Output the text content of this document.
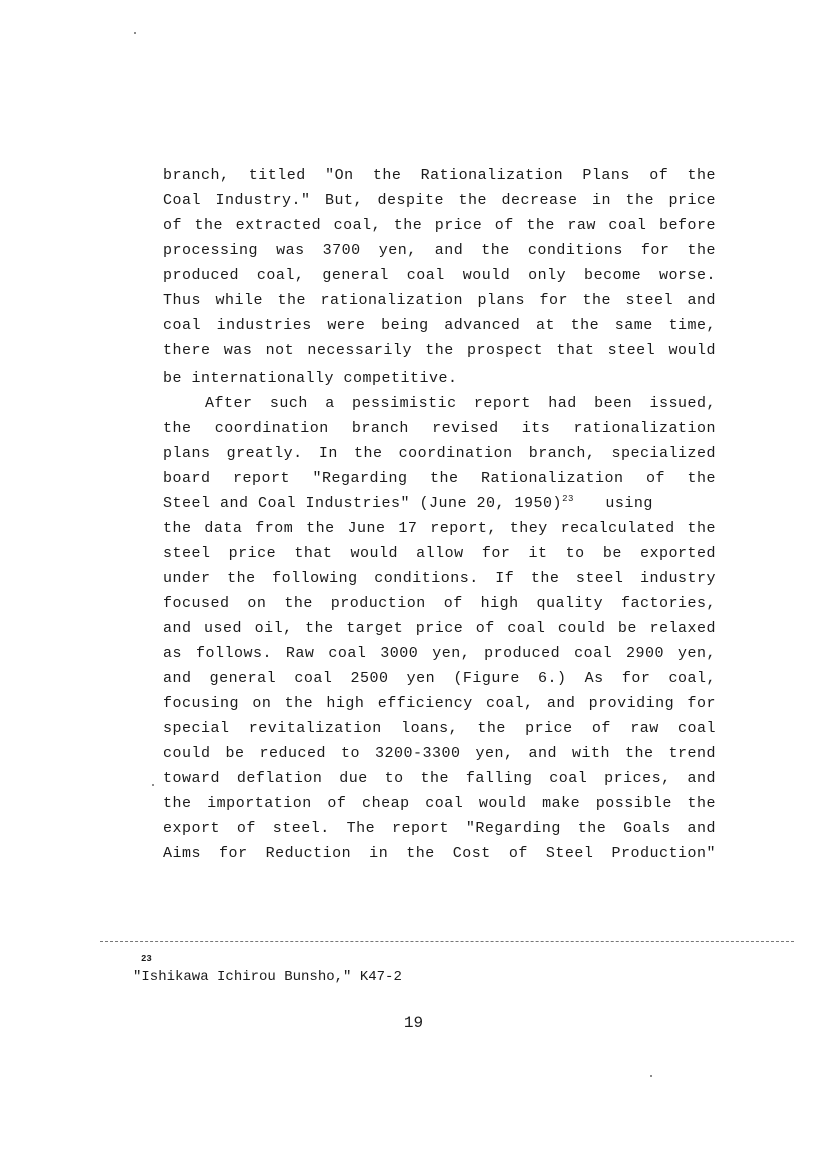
branch, titled "On the Rationalization Plans of the
Coal Industry." But, despite the decrease in the price
of the extracted coal, the price of the raw coal before
processing was 3700 yen, and the conditions for the
produced coal, general coal would only become worse.
Thus while the rationalization plans for the steel and
coal industries were being advanced at the same time,
there was not necessarily the prospect that steel would
be internationally competitive.
After such a pessimistic report had been issued,
the coordination branch revised its rationalization
plans greatly. In the coordination branch, specialized
board report "Regarding the Rationalization of the
Steel and Coal Industries" (June 20, 1950)$^{23}$ using
the data from the June 17 report, they recalculated the
steel price that would allow for it to be exported
under the following conditions. If the steel industry
focused on the production of high quality factories,
and used oil, the target price of coal could be relaxed
as follows. Raw coal 3000 yen, produced coal 2900 yen,
and general coal 2500 yen (Figure 6.) As for coal,
focusing on the high efficiency coal, and providing for
special revitalization loans, the price of raw coal
could be reduced to 3200-3300 yen, and with the trend
toward deflation due to the falling coal prices, and
the importation of cheap coal would make possible the
export of steel. The report "Regarding the Goals and
Aims for Reduction in the Cost of Steel Production"
23
"Ishikawa Ichirou Bunsho," K47-2
19
